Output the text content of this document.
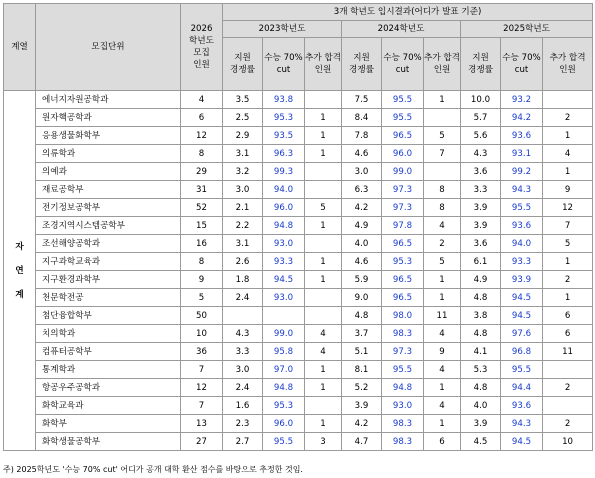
계열	모집단위	2026
학년도
모집
인원	3개 학년도 입시결과(어디가 발표 기준)								
			2023학년도			2024학년도			2025학년도		
			지원 경쟁률	수능 70% cut	추가 합격 인원	지원 경쟁률	수능 70% cut	추가 합격 인원	지원 경쟁률	수능 70% cut	추가 합격 인원

자
연
계	에너지자원공학과	4	3.5	93.8		7.5	95.5	1	10.0	93.2	

	원자핵공학과	6	2.5	95.3	1	8.4	95.5		5.7	94.2	2

	응용생물화학부	12	2.9	93.5	1	7.8	96.5	5	5.6	93.6	1

	의류학과	8	3.1	96.3	1	4.6	96.0	7	4.3	93.1	4

	의예과	29	3.2	99.3		3.0	99.0		3.6	99.2	1

	재료공학부	31	3.0	94.0		6.3	97.3	8	3.3	94.3	9

	전기정보공학부	52	2.1	96.0	5	4.2	97.3	8	3.9	95.5	12

	조경지역시스템공학부	15	2.2	94.8	1	4.9	97.8	4	3.9	93.6	7

	조선해양공학과	16	3.1	93.0		4.0	96.5	2	3.6	94.0	5

	지구과학교육과	8	2.6	93.3	1	4.6	95.3	5	6.1	93.3	1

	지구환경과학부	9	1.8	94.5	1	5.9	96.5	1	4.9	93.9	2

	천문학전공	5	2.4	93.0		9.0	96.5	1	4.8	94.5	1

	첨단융합학부	50				4.8	98.0	11	3.8	94.5	6

	치의학과	10	4.3	99.0	4	3.7	98.3	4	4.8	97.6	6

	컴퓨터공학부	36	3.3	95.8	4	5.1	97.3	9	4.1	96.8	11

	통계학과	7	3.0	97.0	1	8.1	95.5	4	5.3	95.5	

	항공우주공학과	12	2.4	94.8	1	5.2	94.8	1	4.8	94.4	2

	화학교육과	7	1.6	95.3		3.9	93.0	4	4.0	93.6	

	화학부	13	2.3	96.0	1	4.2	98.3	1	3.9	94.3	2

	화학생물공학부	27	2.7	95.5	3	4.7	98.3	6	4.5	94.5	10
주) 2025학년도 '수능 70% cut' 어디가 공개 대학 환산 점수를 바탕으로 추정한 것임.
